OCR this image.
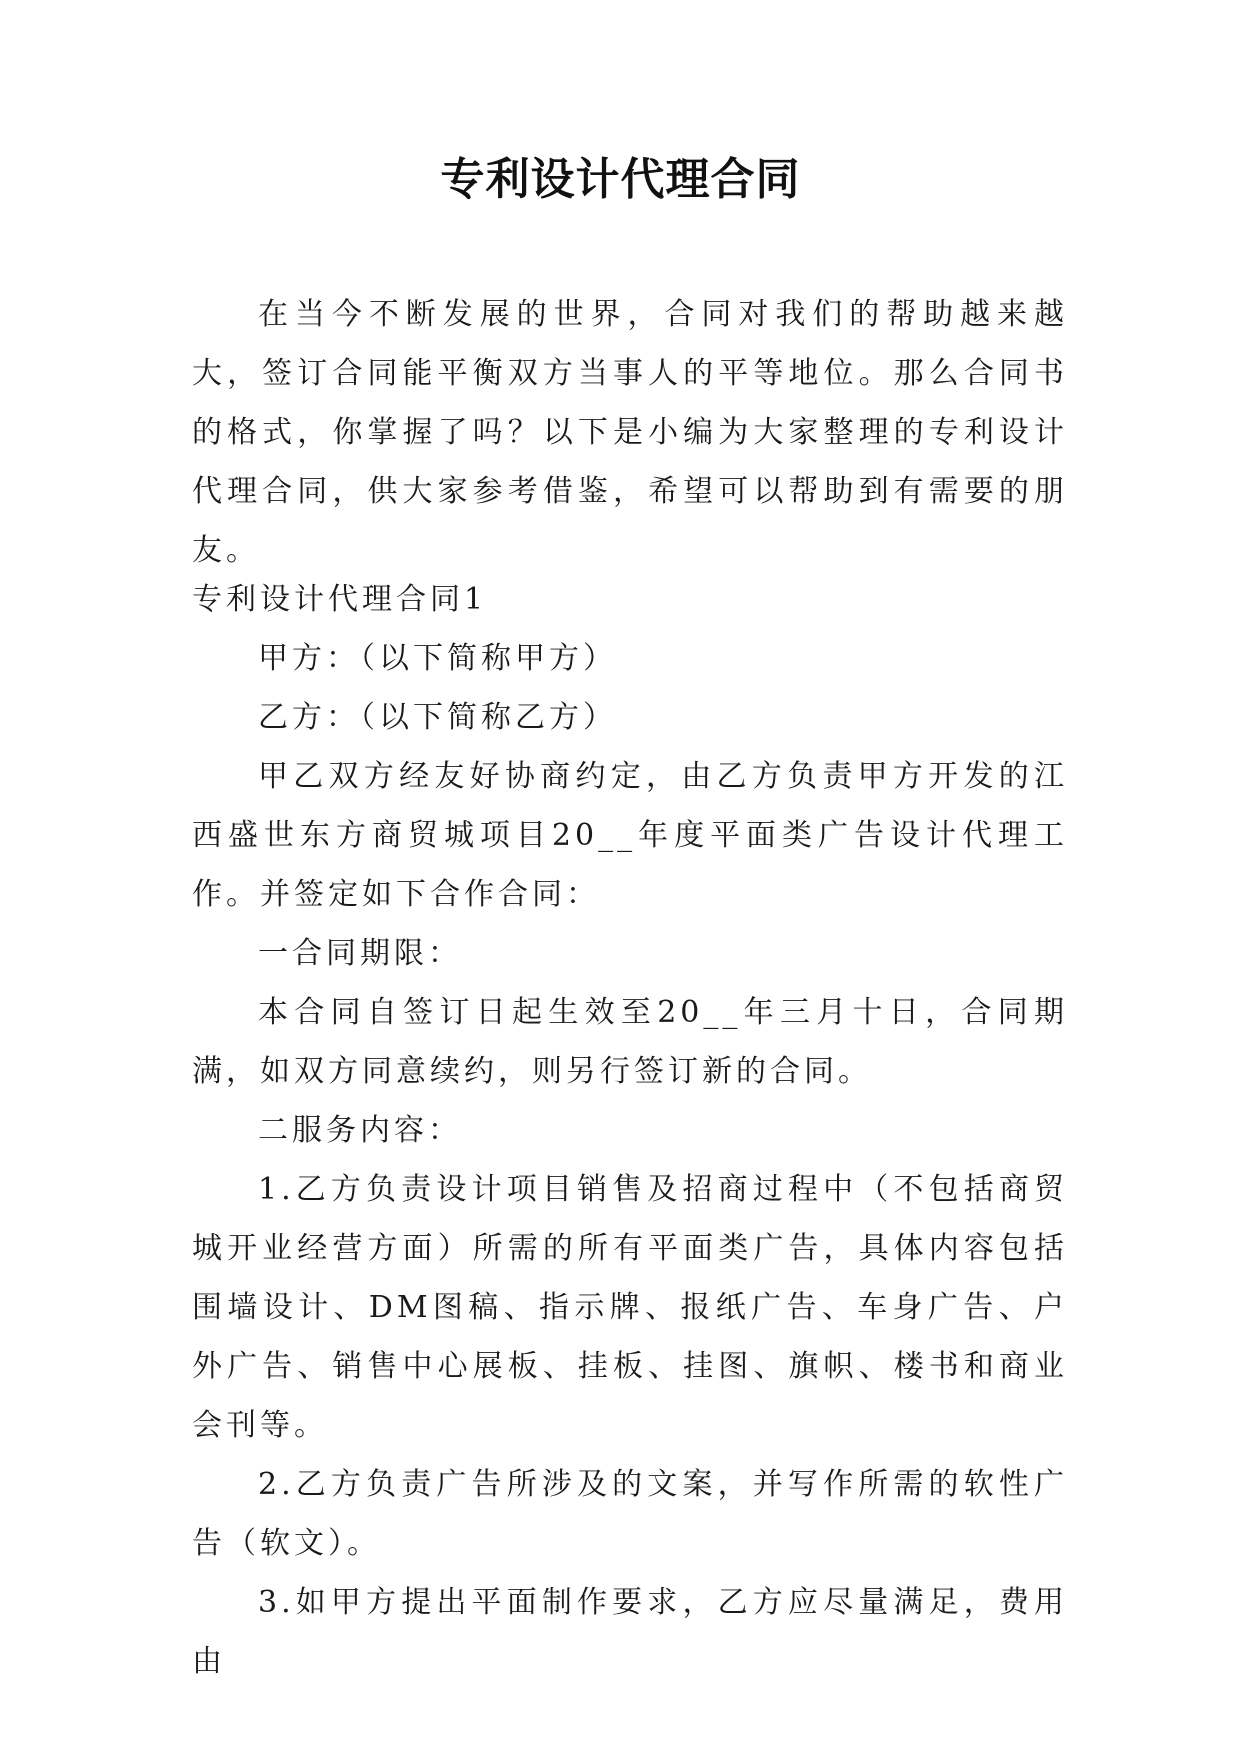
专利设计代理合同

在当今不断发展的世界，合同对我们的帮助越来越大，签订合同能平衡双方当事人的平等地位。那么合同书的格式，你掌握了吗？以下是小编为大家整理的专利设计代理合同，供大家参考借鉴，希望可以帮助到有需要的朋友。

专利设计代理合同1

甲方：（以下简称甲方）

乙方：（以下简称乙方）

甲乙双方经友好协商约定，由乙方负责甲方开发的江西盛世东方商贸城项目20__年度平面类广告设计代理工作。并签定如下合作合同：

一合同期限：

本合同自签订日起生效至20__年三月十日，合同期满，如双方同意续约，则另行签订新的合同。

二服务内容：

1.乙方负责设计项目销售及招商过程中（不包括商贸城开业经营方面）所需的所有平面类广告，具体内容包括围墙设计、DM图稿、指示牌、报纸广告、车身广告、户外广告、销售中心展板、挂板、挂图、旗帜、楼书和商业会刊等。

2.乙方负责广告所涉及的文案，并写作所需的软性广告（软文）。

3.如甲方提出平面制作要求，乙方应尽量满足，费用由
